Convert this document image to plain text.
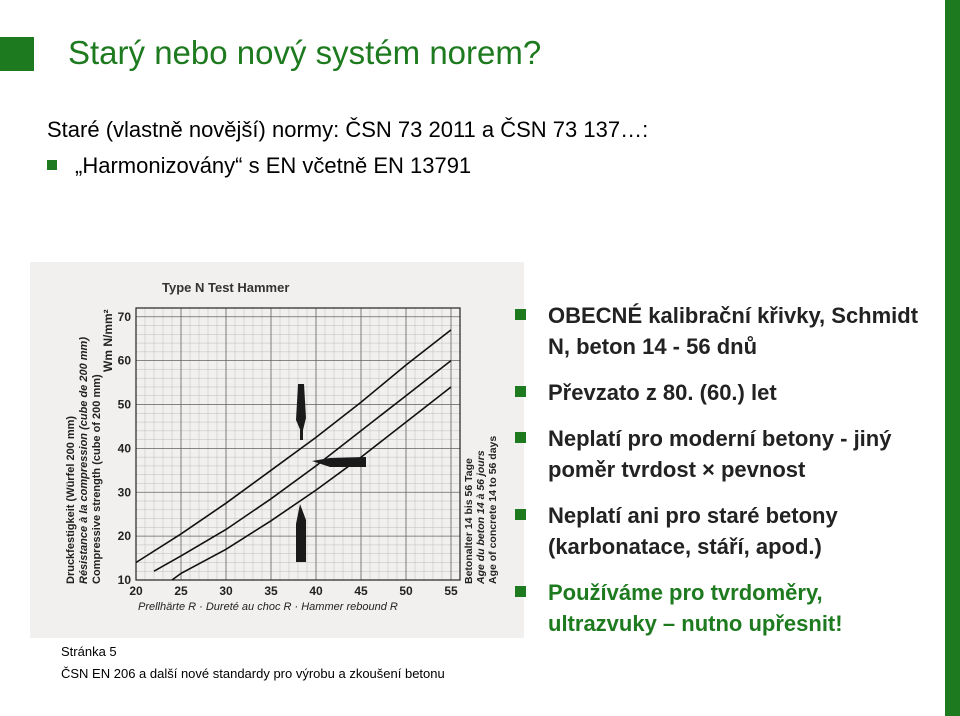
Starý nebo nový systém norem?
Staré (vlastně novější) normy: ČSN 73 2011 a ČSN 73 137…:
„Harmonizovány“ s EN včetně EN 13791
20	25	30	35	40	45	50	55
10
20
30
40
50
60
70
Type N Test Hammer
Prellhärte R · Dureté au choc R · Hammer rebound R
Druckfestigkeit (Würfel 200 mm) Résistance à la compression (cube de 200 mm) Compressive strength (cube of 200 mm)
Wm N/mm²
Betonalter 14 bis 56 Tage Age du beton 14 à 56 jours Age of concrete 14 to 56 days
OBECNÉ kalibrační křivky, Schmidt N, beton 14 - 56 dnů
Převzato z 80. (60.) let
Neplatí pro moderní betony - jiný poměr tvrdost × pevnost
Neplatí ani pro staré betony (karbonatace, stáří, apod.)
Používáme pro tvrdoměry, ultrazvuky – nutno upřesnit!
Stránka 5
ČSN EN 206 a další nové standardy pro výrobu a zkoušení betonu
